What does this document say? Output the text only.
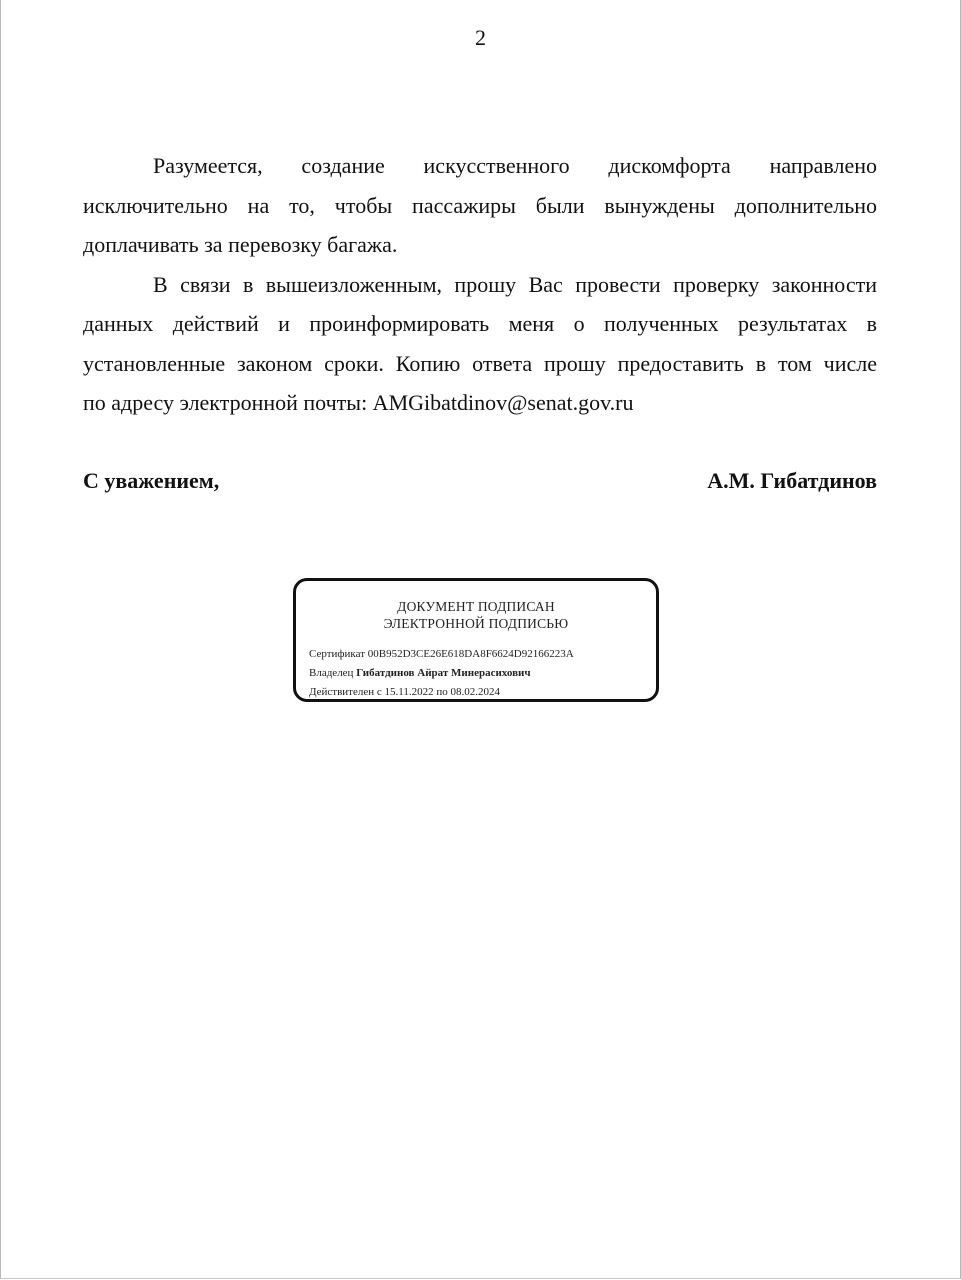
2

Разумеется, создание искусственного дискомфорта направлено
исключительно на то, чтобы пассажиры были вынуждены дополнительно
доплачивать за перевозку багажа.

В связи в вышеизложенным, прошу Вас провести проверку законности
данных действий и проинформировать меня о полученных результатах в
установленные законом сроки. Копию ответа прошу предоставить в том числе
по адресу электронной почты: AMGibatdinov@senat.gov.ru

С уважением,	А.М. Гибатдинов
ДОКУМЕНТ ПОДПИСАН
ЭЛЕКТРОННОЙ ПОДПИСЬЮ
Сертификат 00B952D3CE26E618DA8F6624D92166223A
Владелец Гибатдинов Айрат Минерасихович
Действителен с 15.11.2022 по 08.02.2024
